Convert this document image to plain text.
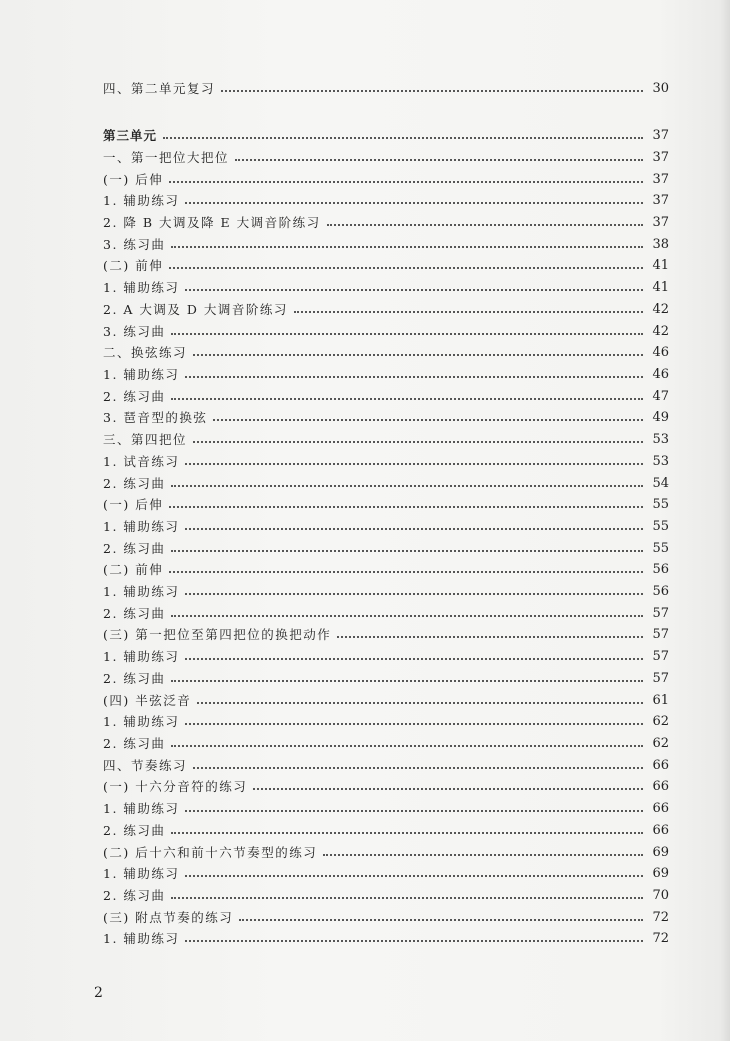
四、第二单元复习	30
第三单元	37
一、第一把位大把位	37
(一) 后伸	37
1. 辅助练习	37
2. 降 B 大调及降 E 大调音阶练习	37
3. 练习曲	38
(二) 前伸	41
1. 辅助练习	41
2. A 大调及 D 大调音阶练习	42
3. 练习曲	42
二、换弦练习	46
1. 辅助练习	46
2. 练习曲	47
3. 琶音型的换弦	49
三、第四把位	53
1. 试音练习	53
2. 练习曲	54
(一) 后伸	55
1. 辅助练习	55
2. 练习曲	55
(二) 前伸	56
1. 辅助练习	56
2. 练习曲	57
(三) 第一把位至第四把位的换把动作	57
1. 辅助练习	57
2. 练习曲	57
(四) 半弦泛音	61
1. 辅助练习	62
2. 练习曲	62
四、节奏练习	66
(一) 十六分音符的练习	66
1. 辅助练习	66
2. 练习曲	66
(二) 后十六和前十六节奏型的练习	69
1. 辅助练习	69
2. 练习曲	70
(三) 附点节奏的练习	72
1. 辅助练习	72
2
